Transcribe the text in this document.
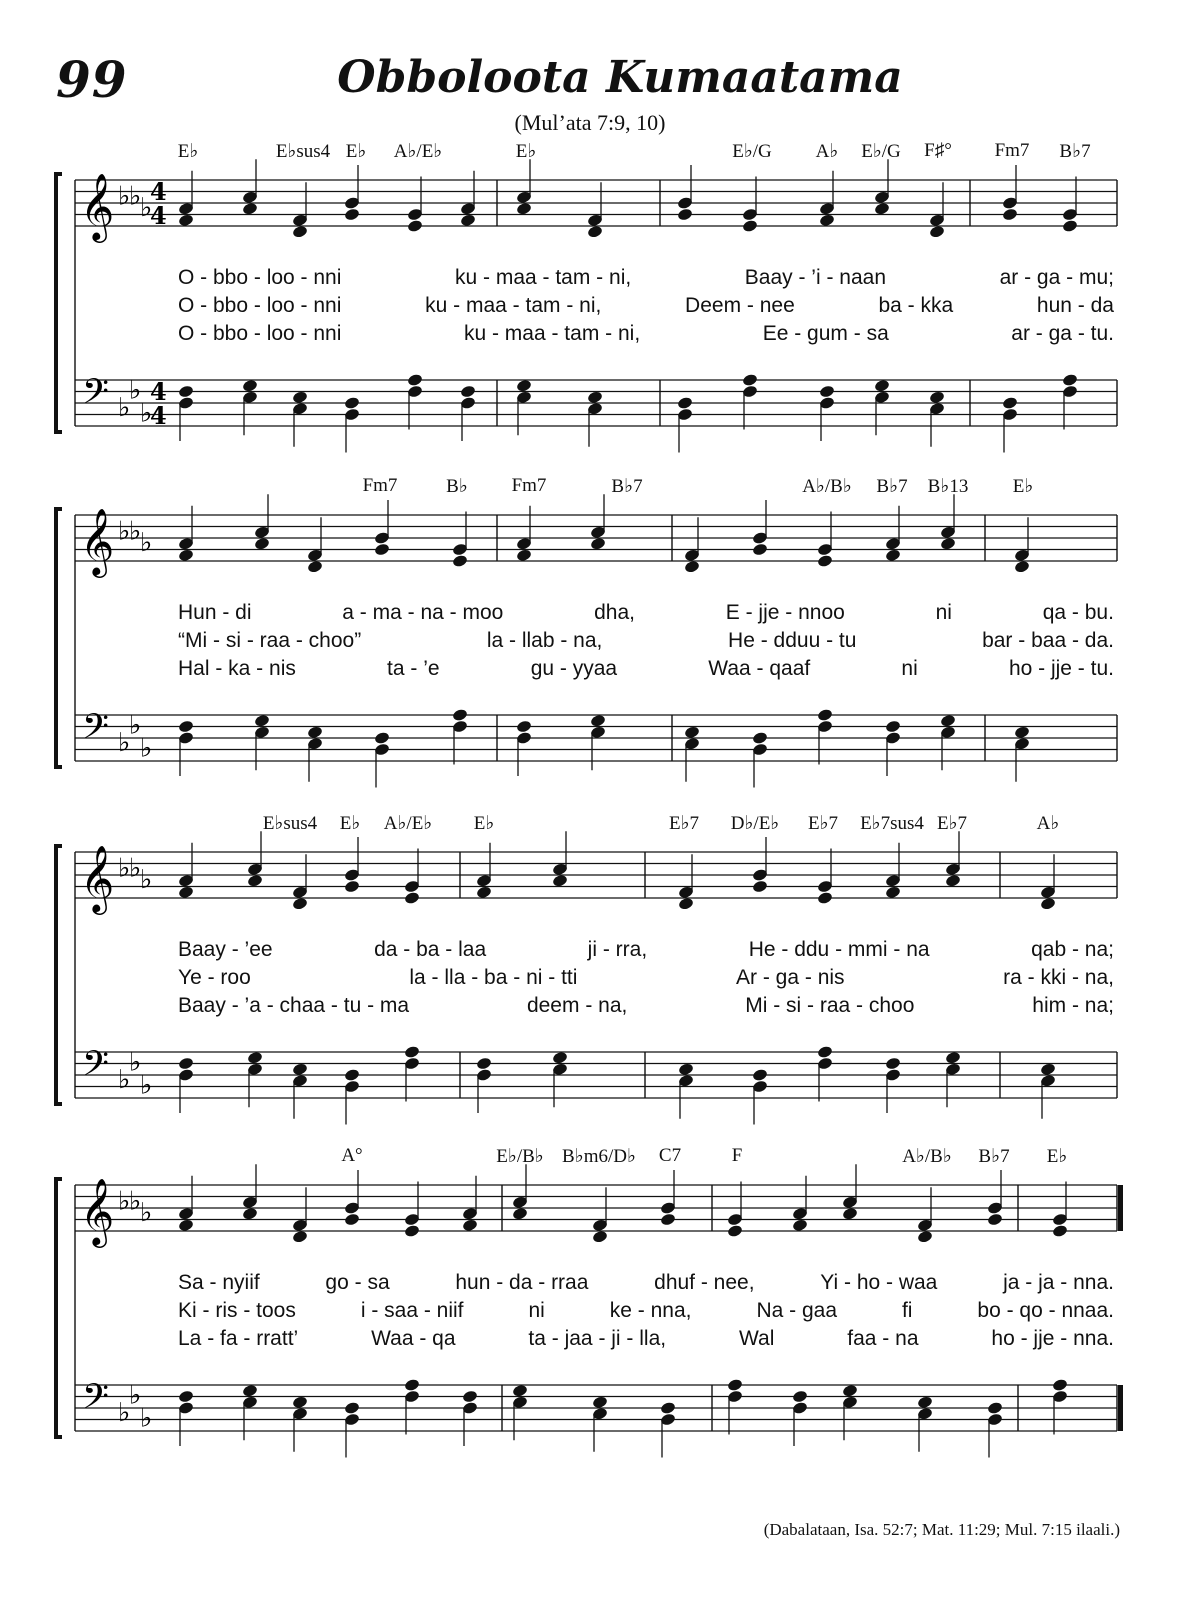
99	Obboloota Kumaatama
(Mul’ata 7:9, 10)
E♭	E♭sus4 E♭ A♭/E♭	E♭	E♭/G A♭ E♭/G F♯° Fm7 B♭7
𝄞 ♭
♭
♭
4
4
𝄢 ♭
♭
♭
4
4
O - bbo - loo - nni	ku - maa - tam - ni,	Baay - ’i - naan	ar - ga - mu;
O - bbo - loo - nni	ku - maa - tam - ni,	Deem - nee	ba - kka	hun - da
O - bbo - loo - nni	ku - maa - tam - ni,	Ee - gum - sa	ar - ga - tu.
Fm7	B♭ Fm7	B♭7	A♭/B♭ B♭7 B♭13 E♭
𝄞 ♭
♭
♭
𝄢 ♭
♭
♭
Hun - di	a - ma - na - moo	dha,	E - jje - nnoo	ni	qa - bu.
“Mi - si - raa - choo”	la - llab - na,	He - dduu - tu	bar - baa - da.
Hal - ka - nis	ta - ’e	gu - yyaa	Waa - qaaf	ni	ho - jje - tu.
E♭sus4 E♭ A♭/E♭ E♭	E♭7 D♭/E♭ E♭7 E♭7sus4 E♭7	A♭
𝄞 ♭
♭
♭
𝄢 ♭
♭
♭
Baay - ’ee	da - ba - laa	ji - rra,	He - ddu - mmi - na	qab - na;
Ye - roo	la - lla - ba - ni - tti	Ar - ga - nis	ra - kki - na,
Baay - ’a - chaa - tu - ma	deem - na,	Mi - si - raa - choo	him - na;
A°	E♭/B♭ B♭m6/D♭ C7	F	A♭/B♭ B♭7 E♭
𝄞 ♭
♭
♭
𝄢 ♭
♭
♭
Sa - nyiif	go - sa	hun - da - rraa	dhuf - nee,	Yi - ho - waa	ja - ja - nna.
Ki - ris - toos	i - saa - niif	ni	ke - nna,	Na - gaa	fi	bo - qo - nnaa.
La - fa - rratt’	Waa - qa	ta - jaa - ji - lla,	Wal	faa - na	ho - jje - nna.
(Dabalataan, Isa. 52:7; Mat. 11:29; Mul. 7:15 ilaali.)
